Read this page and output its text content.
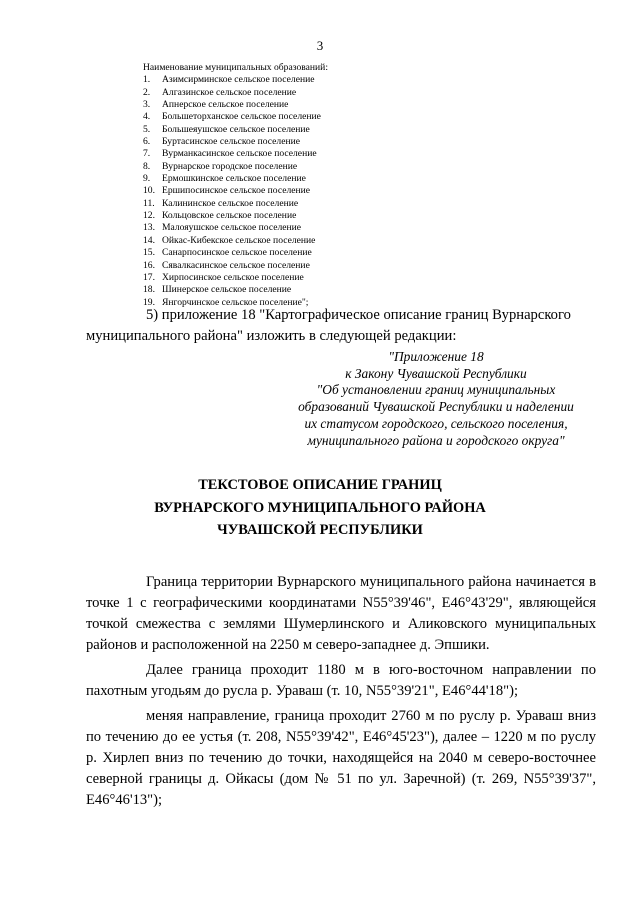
3
Наименование муниципальных образований:
1. Азимсирминское сельское поселение
2. Алгазинское сельское поселение
3. Апнерское сельское поселение
4. Большеторханское сельское поселение
5. Большеяушское сельское поселение
6. Буртасинское сельское поселение
7. Вурманкасинское сельское поселение
8. Вурнарское городское поселение
9. Ермошкинское сельское поселение
10. Ершипосинское сельское поселение
11. Калининское сельское поселение
12. Кольцовское сельское поселение
13. Малояушское сельское поселение
14. Ойкас-Кибекское сельское поселение
15. Санарпосинское сельское поселение
16. Сявалкасинское сельское поселение
17. Хирпосинское сельское поселение
18. Шинерское сельское поселение
19. Янгорчинское сельское поселение";
5) приложение 18 "Картографическое описание границ Вурнарского
муниципального района" изложить в следующей редакции:
"Приложение 18
к Закону Чувашской Республики
"Об установлении границ муниципальных
образований Чувашской Республики и наделении
их статусом городского, сельского поселения,
муниципального района и городского округа"
ТЕКСТОВОЕ ОПИСАНИЕ ГРАНИЦ
ВУРНАРСКОГО МУНИЦИПАЛЬНОГО РАЙОНА
ЧУВАШСКОЙ РЕСПУБЛИКИ

Граница территории Вурнарского муниципального района начинается в точке 1 с географическими координатами N55°39'46", E46°43'29", являющейся точкой смежества с землями Шумерлинского и Аликовского муниципальных районов и расположенной на 2250 м северо-западнее д. Эпшики.

Далее граница проходит 1180 м в юго-восточном направлении по пахотным угодьям до русла р. Ураваш (т. 10, N55°39'21", E46°44'18");

меняя направление, граница проходит 2760 м по руслу р. Ураваш вниз по течению до ее устья (т. 208, N55°39'42", E46°45'23"), далее – 1220 м по руслу р. Хирлеп вниз по течению до точки, находящейся на 2040 м северо-восточнее северной границы д. Ойкасы (дом № 51 по ул. Заречной) (т. 269, N55°39'37", E46°46'13");
